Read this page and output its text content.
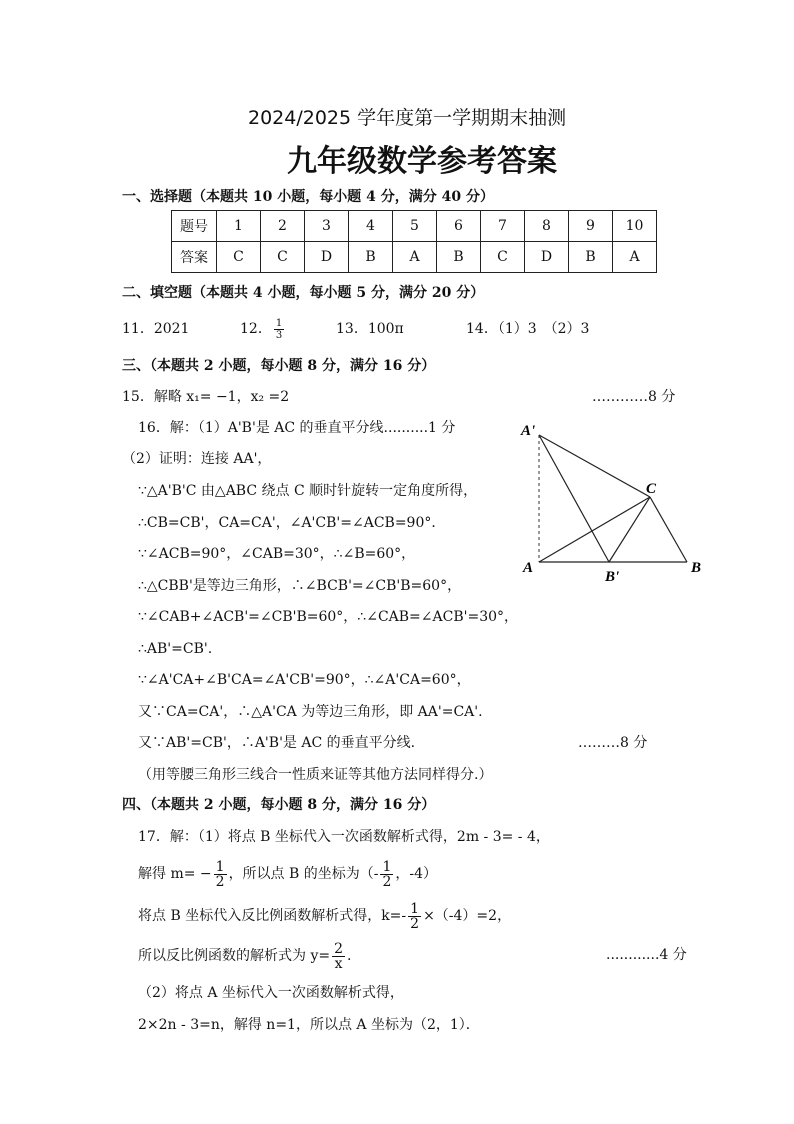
2024/2025 学年度第一学期期末抽测
九年级数学参考答案
一、选择题（本题共 10 小题，每小题 4 分，满分 40 分）
题号	1	2	3	4	5	6	7	8	9	10
答案	C	C	D	B	A	B	C	D	B	A
二、填空题（本题共 4 小题，每小题 5 分，满分 20 分）
11．2021	12． $\frac{1}{3}$	13．100π	14．（1）3　（2）3
三、（本题共 2 小题，每小题 8 分，满分 16 分）
15．解略 x₁= −1，x₂ =2	…………8 分
16．解：（1）A'B'是 AC 的垂直平分线..........1 分
（2）证明：连接 AA'，
∵△A'B'C 由△ABC 绕点 C 顺时针旋转一定角度所得，
∴CB=CB'，CA=CA'，∠A'CB'=∠ACB=90°．
∵∠ACB=90°，∠CAB=30°，∴∠B=60°，
∴△CBB'是等边三角形，∴∠BCB'=∠CB'B=60°，
∵∠CAB+∠ACB'=∠CB'B=60°，∴∠CAB=∠ACB'=30°，
∴AB'=CB'.
∵∠A'CA+∠B'CA=∠A'CB'=90°，∴∠A'CA=60°，
又∵CA=CA'，∴△A'CA 为等边三角形，即 AA'=CA'.
又∵AB'=CB'，∴A'B'是 AC 的垂直平分线.	………8 分
（用等腰三角形三线合一性质来证等其他方法同样得分.）
A'
C
A
B'
B
四、（本题共 2 小题，每小题 8 分，满分 16 分）
17．解：（1）将点 B 坐标代入一次函数解析式得，2m - 3= - 4，
解得 $m= - \frac{1}{2}$ ，所以点 B 的坐标为（- $\frac{1}{2}$ ，-4）
将点 B 坐标代入反比例函数解析式得，$k=- \frac{1}{2} \times(-4)=2$，
所以反比例函数的解析式为 $y= \frac{2}{x}$ .	............4 分
（2）将点 A 坐标代入一次函数解析式得，
2×2n - 3=n，解得 n=1，所以点 A 坐标为（2，1）．
